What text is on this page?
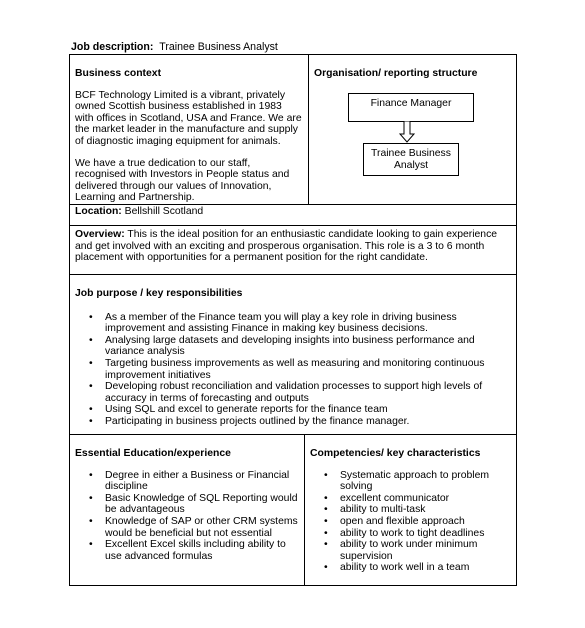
Job description: Trainee Business Analyst

Business context

BCF Technology Limited is a vibrant, privately owned Scottish business established in 1983 with offices in Scotland, USA and France. We are the market leader in the manufacture and supply of diagnostic imaging equipment for animals.

We have a true dedication to our staff, recognised with Investors in People status and delivered through our values of Innovation, Learning and Partnership.

Organisation/ reporting structure
Finance Manager
Trainee Business
Analyst
Location: Bellshill Scotland
Overview: This is the ideal position for an enthusiastic candidate looking to gain experience and get involved with an exciting and prosperous organisation. This role is a 3 to 6 month placement with opportunities for a permanent position for the right candidate.

Job purpose / key responsibilities

• As a member of the Finance team you will play a key role in driving business improvement and assisting Finance in making key business decisions.
• Analysing large datasets and developing insights into business performance and variance analysis
• Targeting business improvements as well as measuring and monitoring continuous improvement initiatives
• Developing robust reconciliation and validation processes to support high levels of accuracy in terms of forecasting and outputs
• Using SQL and excel to generate reports for the finance team
• Participating in business projects outlined by the finance manager.

Essential Education/experience

• Degree in either a Business or Financial discipline
• Basic Knowledge of SQL Reporting would be advantageous
• Knowledge of SAP or other CRM systems would be beneficial but not essential
• Excellent Excel skills including ability to use advanced formulas

Competencies/ key characteristics

• Systematic approach to problem solving
• excellent communicator
• ability to multi-task
• open and flexible approach
• ability to work to tight deadlines
• ability to work under minimum supervision
• ability to work well in a team
